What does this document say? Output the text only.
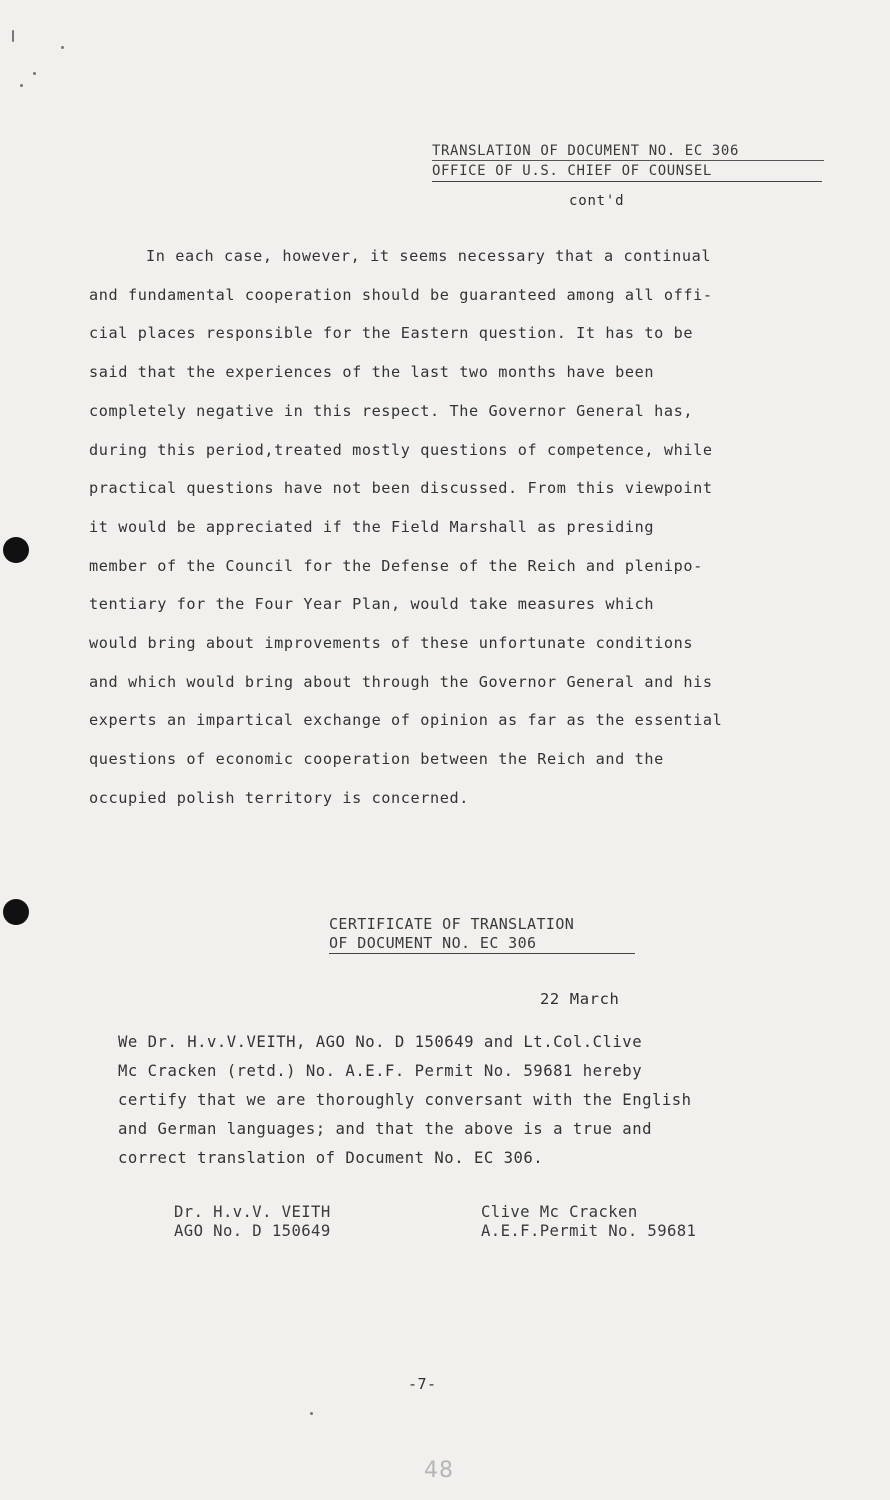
TRANSLATION OF DOCUMENT NO. EC 306
OFFICE OF U.S. CHIEF OF COUNSEL
cont'd
In each case, however, it seems necessary that a continual
and fundamental cooperation should be guaranteed among all offi-
cial places responsible for the Eastern question. It has to be
said that the experiences of the last two months have been
completely negative in this respect. The Governor General has,
during this period,treated mostly questions of competence, while
practical questions have not been discussed. From this viewpoint
it would be appreciated if the Field Marshall as presiding
member of the Council for the Defense of the Reich and plenipo-
tentiary for the Four Year Plan, would take measures which
would bring about improvements of these unfortunate conditions
and which would bring about through the Governor General and his
experts an impartical exchange of opinion as far as the essential
questions of economic cooperation between the Reich and the
occupied polish territory is concerned.
CERTIFICATE OF TRANSLATION
OF DOCUMENT NO. EC 306
22 March
We Dr. H.v.V.VEITH, AGO No. D 150649 and Lt.Col.Clive
Mc Cracken (retd.) No. A.E.F. Permit No. 59681 hereby
certify that we are thoroughly conversant with the English
and German languages; and that the above is a true and
correct translation of Document No. EC 306.
Dr. H.v.V. VEITH
AGO No. D 150649
Clive Mc Cracken
A.E.F.Permit No. 59681
-7-
48
